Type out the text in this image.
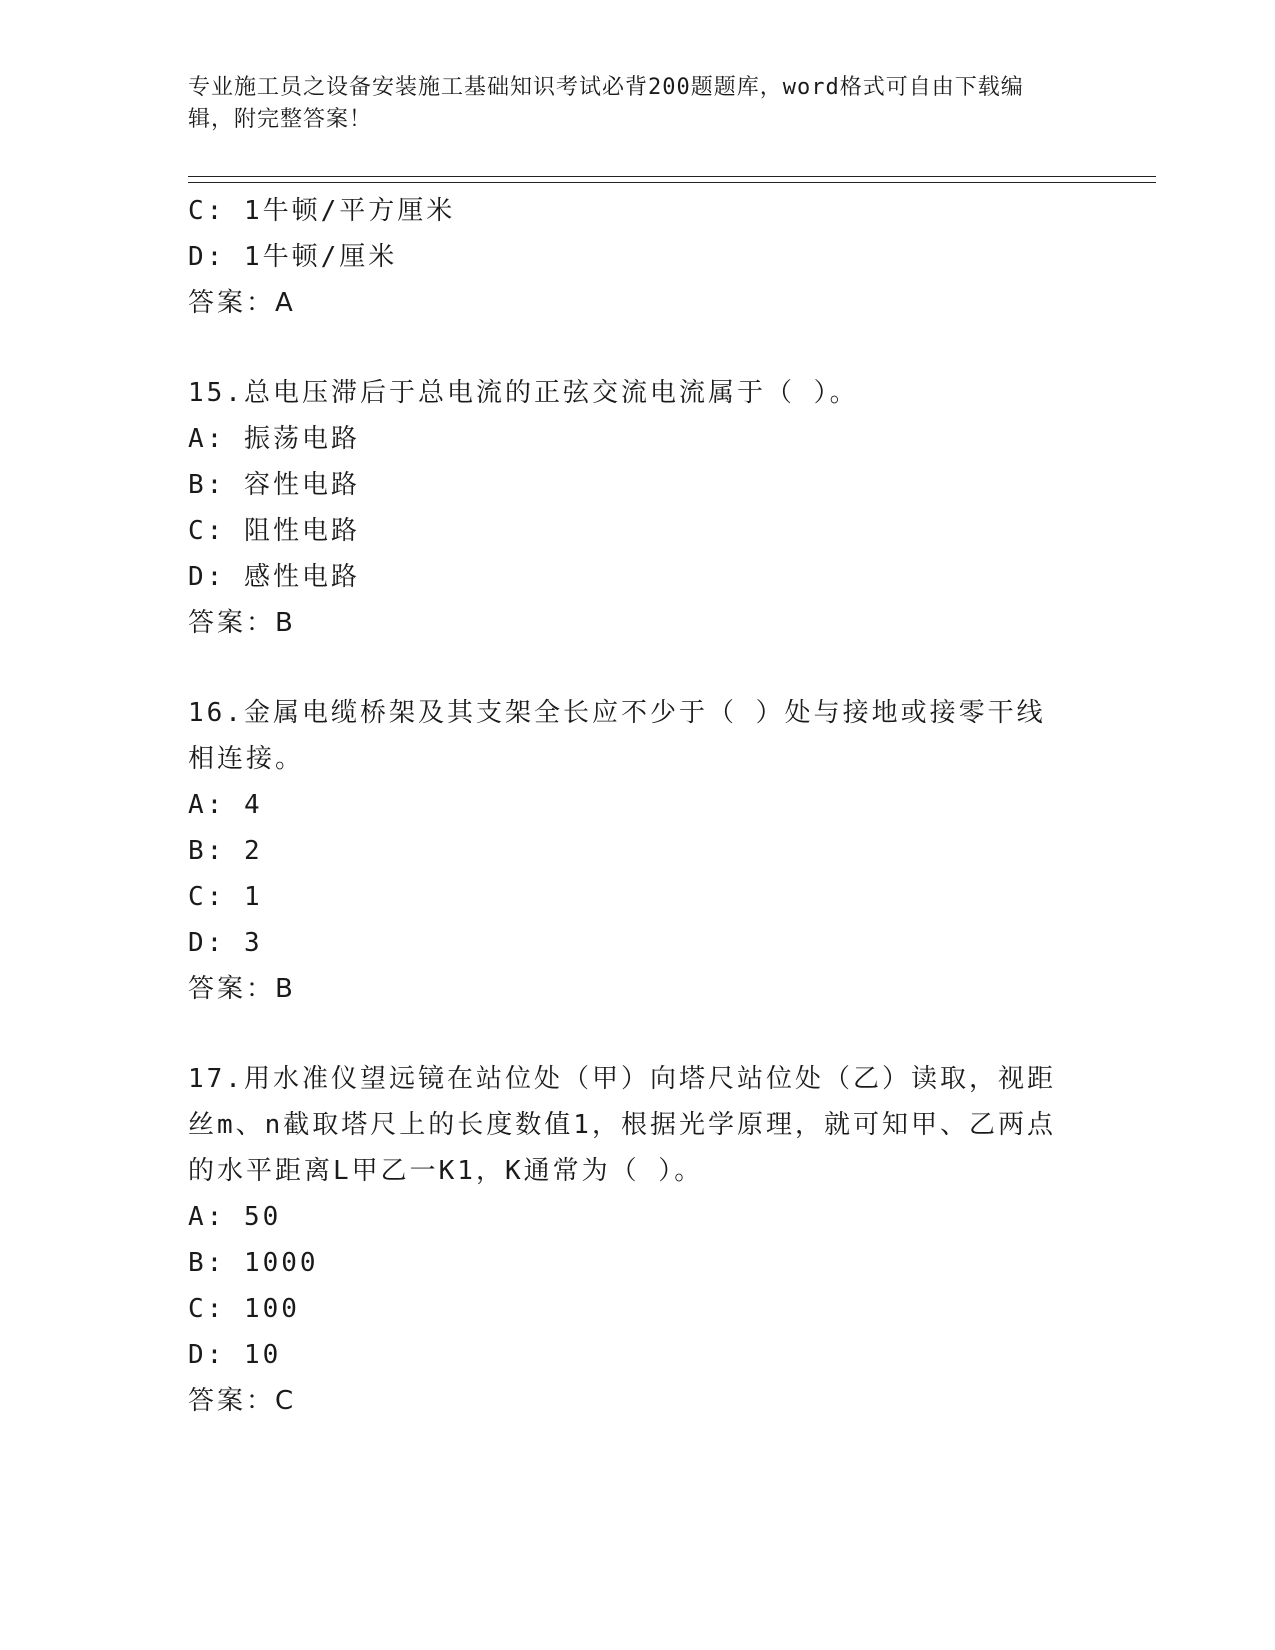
专业施工员之设备安装施工基础知识考试必背200题题库，word格式可自由下载编辑，附完整答案！
C: 1牛顿/平方厘米
D: 1牛顿/厘米
答案：A
15.总电压滞后于总电流的正弦交流电流属于（ ）。
A: 振荡电路
B: 容性电路
C: 阻性电路
D: 感性电路
答案：B
16.金属电缆桥架及其支架全长应不少于（ ）处与接地或接零干线相连接。
A: 4
B: 2
C: 1
D: 3
答案：B
17.用水准仪望远镜在站位处（甲）向塔尺站位处（乙）读取，视距丝m、n截取塔尺上的长度数值1，根据光学原理，就可知甲、乙两点的水平距离L甲乙一K1，K通常为（ ）。
A: 50
B: 1000
C: 100
D: 10
答案：C
